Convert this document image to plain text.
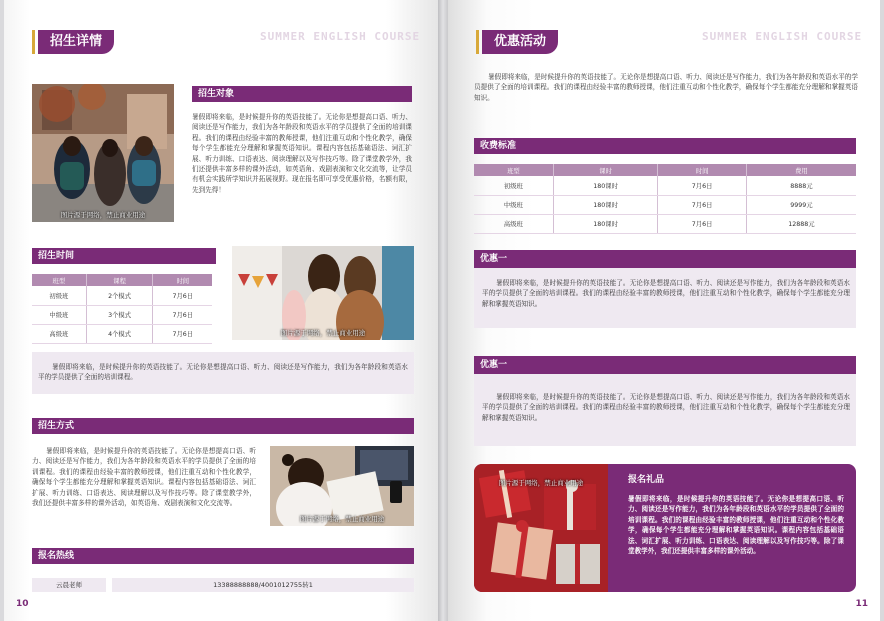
招生详情	SUMMER ENGLISH COURSE
图片源于网络，禁止商业用途
招生对象
暑假即将来临，是时候提升你的英语技能了。无论你是想提高口语、听力、阅读还是写作能力，我们为各年龄段和英语水平的学员提供了全面的培训课程。我们的课程由经验丰富的教师授课，他们注重互动和个性化教学，确保每个学生都能充分理解和掌握英语知识。课程内容包括基础语法、词汇扩展、听力训练、口语表达、阅读理解以及写作技巧等。除了课堂教学外，我们还提供丰富多样的课外活动，如英语角、戏剧表演和文化交流等，让学员有机会实践所学知识并拓展视野。现在报名即可享受优惠价格，名额有限，先到先得！
招生时间
班型	课程	时间
初级班	2个模式	7月6日
中级班	3个模式	7月6日
高级班	4个模式	7月6日	图片源于网络，禁止商业用途
暑假即将来临，是时候提升你的英语技能了。无论你是想提高口语、听力、阅读还是写作能力，我们为各年龄段和英语水平的学员提供了全面的培训课程。
招生方式
暑假即将来临，是时候提升你的英语技能了。无论你是想提高口语、听力、阅读还是写作能力，我们为各年龄段和英语水平的学员提供了全面的培训课程。我们的课程由经验丰富的教师授课，他们注重互动和个性化教学，确保每个学生都能充分理解和掌握英语知识。课程内容包括基础语法、词汇扩展、听力训练、口语表达、阅读理解以及写作技巧等。除了课堂教学外，我们还提供丰富多样的课外活动，如英语角、戏剧表演和文化交流等。
图片源于网络，禁止商业用途
报名热线
云晨老师	13388888888/4001012755转1
10
优惠活动	SUMMER ENGLISH COURSE
暑假即将来临，是时候提升你的英语技能了。无论你是想提高口语、听力、阅读还是写作能力，我们为各年龄段和英语水平的学员提供了全面的培训课程。我们的课程由经验丰富的教师授课，他们注重互动和个性化教学，确保每个学生都能充分理解和掌握英语知识。
收费标准
班型	课时	时间	费用
初级班	180课时	7月6日	8888元
中级班	180课时	7月6日	9999元
高级班	180课时	7月6日	12888元
优惠一
暑假即将来临，是时候提升你的英语技能了。无论你是想提高口语、听力、阅读还是写作能力，我们为各年龄段和英语水平的学员提供了全面的培训课程。我们的课程由经验丰富的教师授课，他们注重互动和个性化教学，确保每个学生都能充分理解和掌握英语知识。
优惠一
暑假即将来临，是时候提升你的英语技能了。无论你是想提高口语、听力、阅读还是写作能力，我们为各年龄段和英语水平的学员提供了全面的培训课程。我们的课程由经验丰富的教师授课，他们注重互动和个性化教学，确保每个学生都能充分理解和掌握英语知识。
图片源于网络，禁止商业用途	报名礼品
暑假即将来临，是时候提升你的英语技能了。无论你是想提高口语、听力、阅读还是写作能力，我们为各年龄段和英语水平的学员提供了全面的培训课程。我们的课程由经验丰富的教师授课，他们注重互动和个性化教学，确保每个学生都能充分理解和掌握英语知识。课程内容包括基础语法、词汇扩展、听力训练、口语表达、阅读理解以及写作技巧等。除了课堂教学外，我们还提供丰富多样的课外活动。
11
